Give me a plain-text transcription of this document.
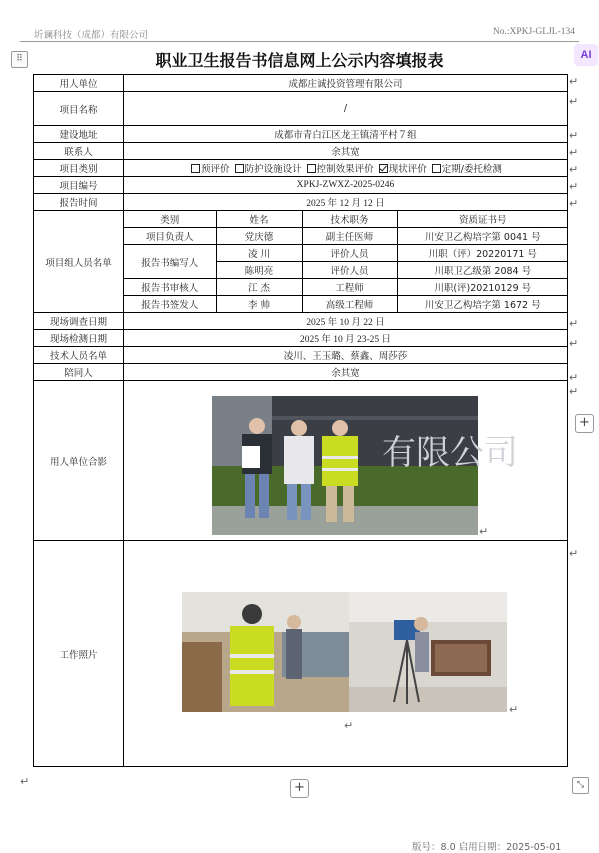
圻谰科技（成都）有限公司	No.:XPKJ-GLJL-134
⠿	AI
职业卫生报告书信息网上公示内容填报表
用人单位	成都庄诚投资管理有限公司
项目名称	/
建设地址	成都市青白江区龙王镇清平村７组
联系人	余其宽
项目类别	预评价 防护设施设计 控制效果评价 现状评价 定期/委托检测
项目编号	XPKJ-ZWXZ-2025-0246
报告时间	2025 年 12 月 12 日
项目组人员名单	
类别	姓名	技术职务	资质证书号
项目负责人	党庆德	副主任医师	川安卫乙构培字第 0041 号
报告书编写人	凌 川	评价人员	川职（评）20220171 号
陈明亮	评价人员	川职卫乙级第 2084 号
报告书审核人	江 杰	工程师	川职(评)20210129 号
报告书签发人	李 帅	高级工程师	川安卫乙构培字第 1672 号

现场调查日期	2025 年 10 月 22 日
现场检测日期	2025 年 10 月 23-25 日
技术人员名单	凌川、王玉璐、蔡鑫、周莎莎
陪同人	余其宽
用人单位合影	
工作照片	
有限公司
↵
↵
↵
↵
↵
↵
↵
↵
↵
↵
↵
↵
↵
↵
↵
↵
+
+	⤡
版号：8.0 启用日期：2025-05-01
